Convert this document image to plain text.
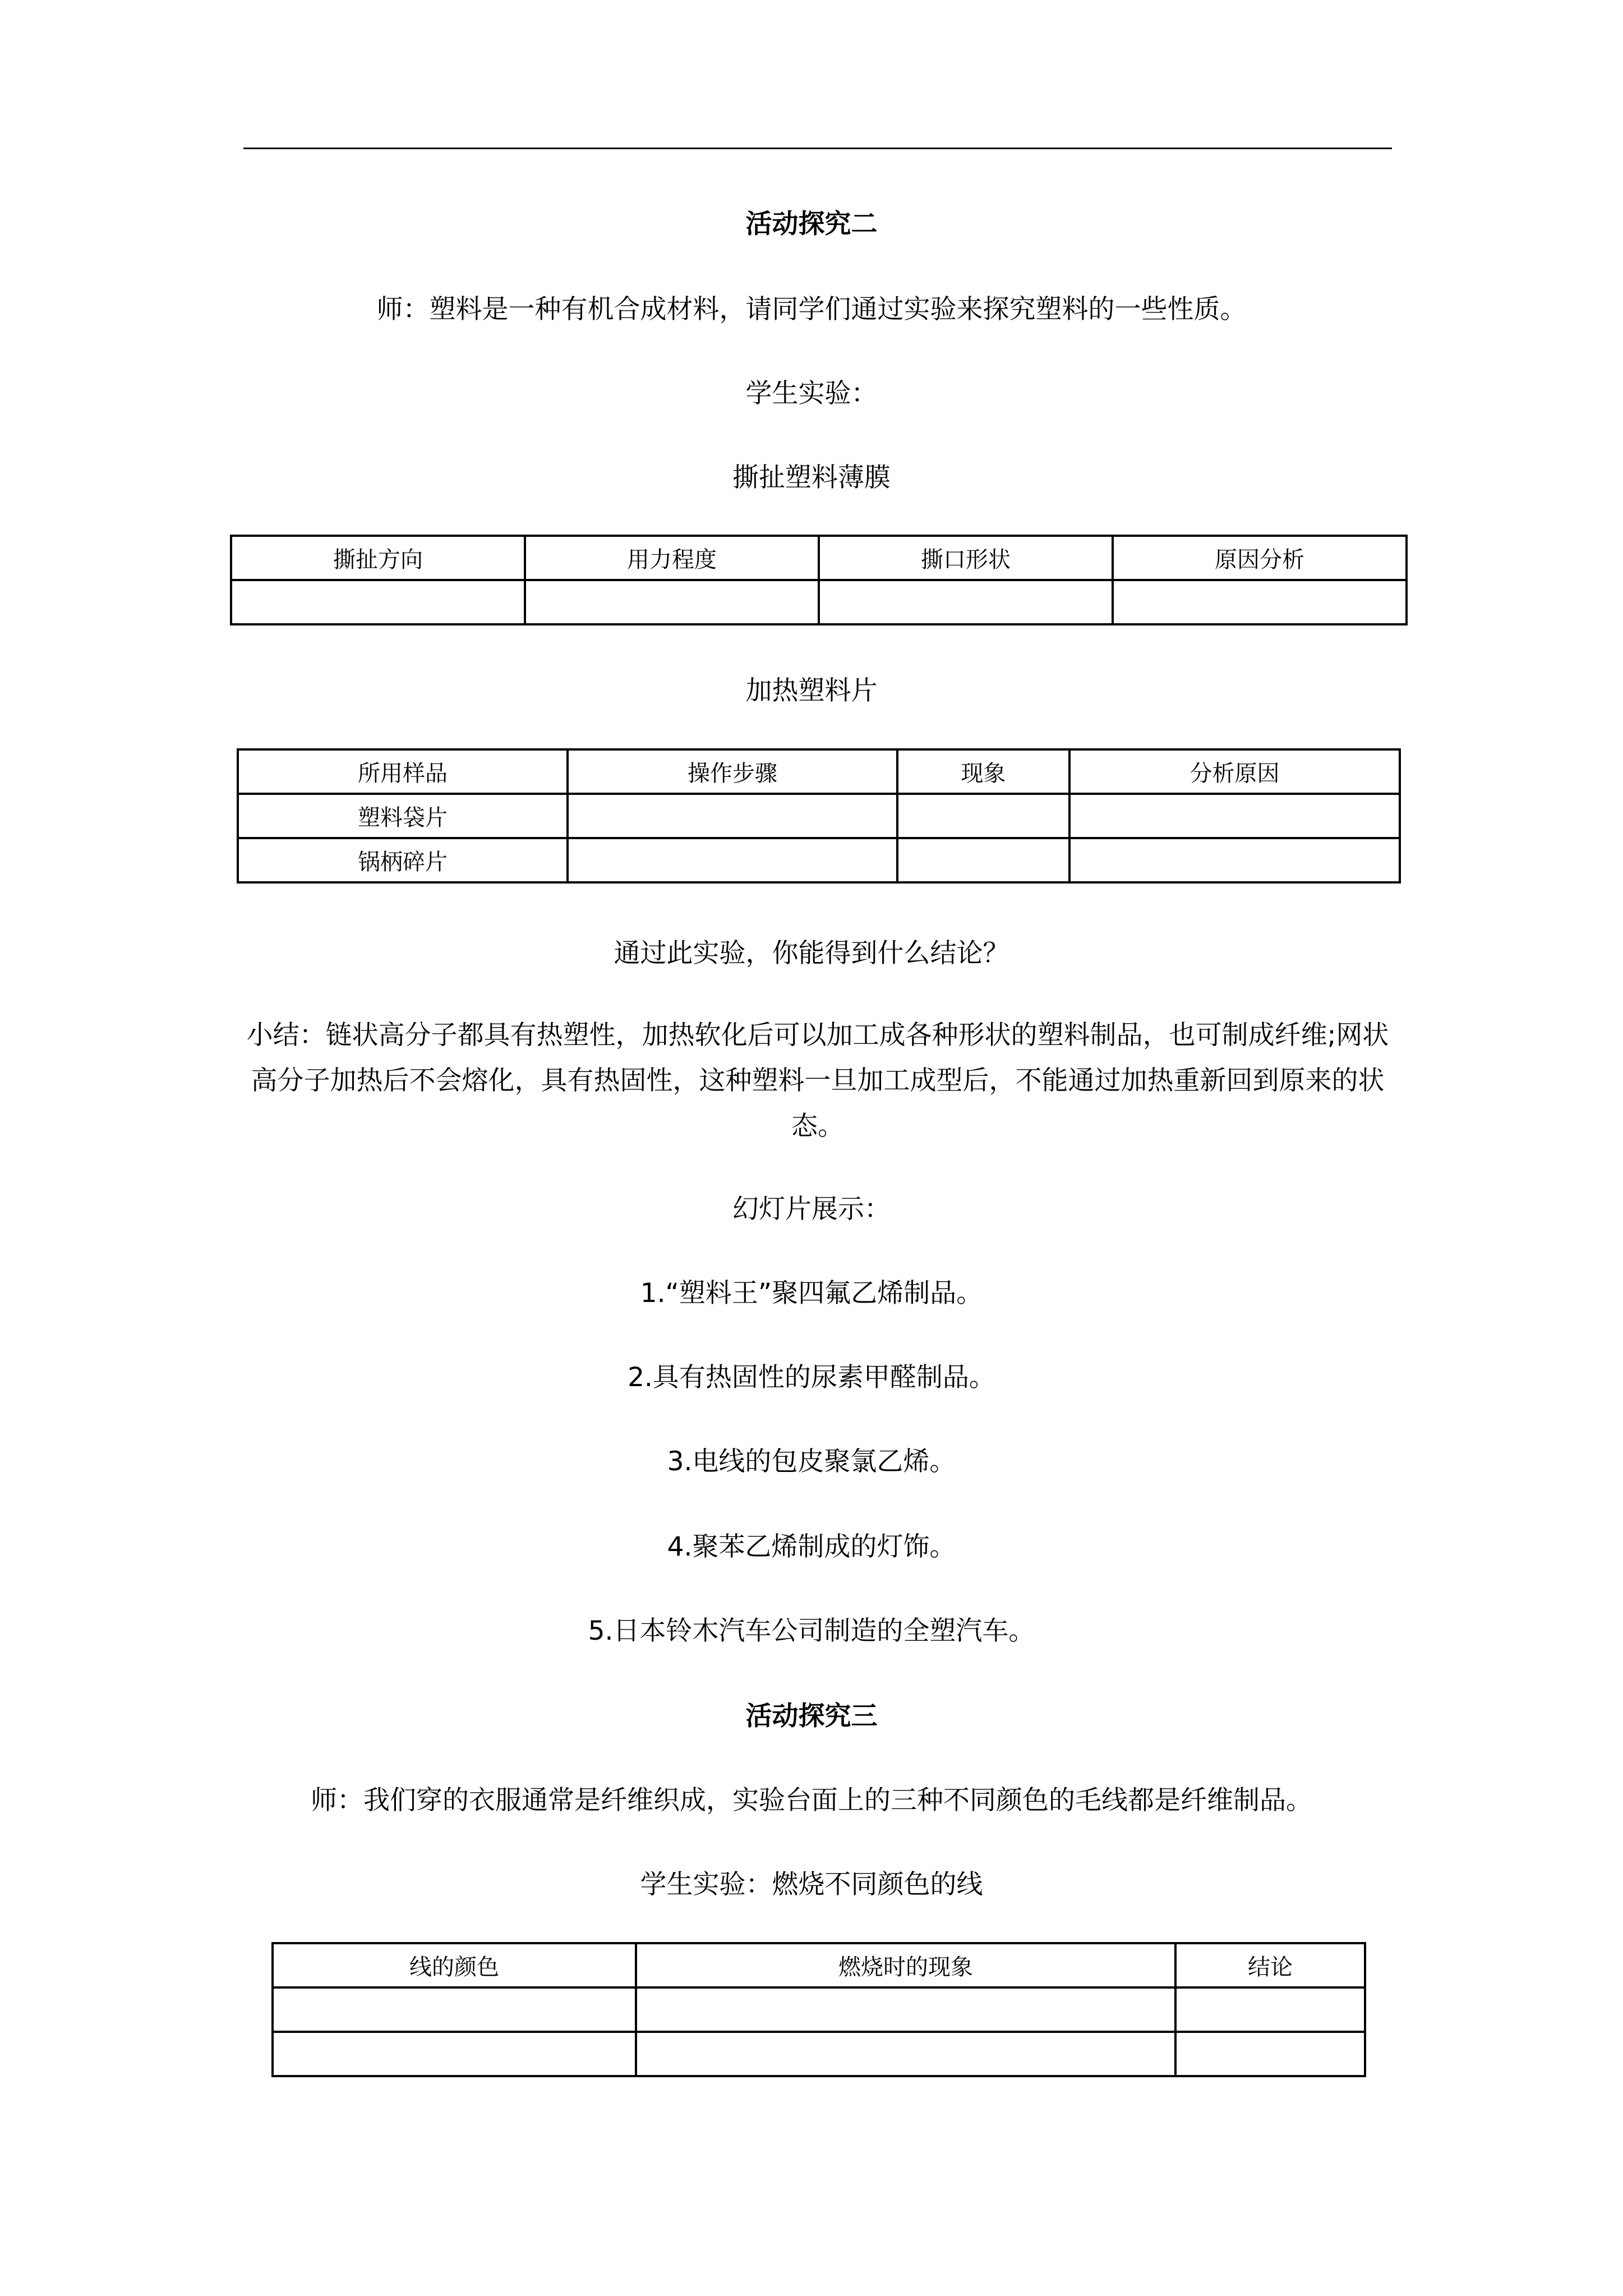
活动探究二
师：塑料是一种有机合成材料，请同学们通过实验来探究塑料的一些性质。
学生实验：
撕扯塑料薄膜
撕扯方向	用力程度	撕口形状	原因分析

加热塑料片
所用样品	操作步骤	现象	分析原因
塑料袋片			
锅柄碎片			
通过此实验，你能得到什么结论？
小结：链状高分子都具有热塑性，加热软化后可以加工成各种形状的塑料制品，也可制成纤维;网状高分子加热后不会熔化，具有热固性，这种塑料一旦加工成型后，不能通过加热重新回到原来的状态。
幻灯片展示：
1.“塑料王”聚四氟乙烯制品。
2.具有热固性的尿素甲醛制品。
3.电线的包皮聚氯乙烯。
4.聚苯乙烯制成的灯饰。
5.日本铃木汽车公司制造的全塑汽车。
活动探究三
师：我们穿的衣服通常是纤维织成，实验台面上的三种不同颜色的毛线都是纤维制品。
学生实验：燃烧不同颜色的线
线的颜色	燃烧时的现象	结论
